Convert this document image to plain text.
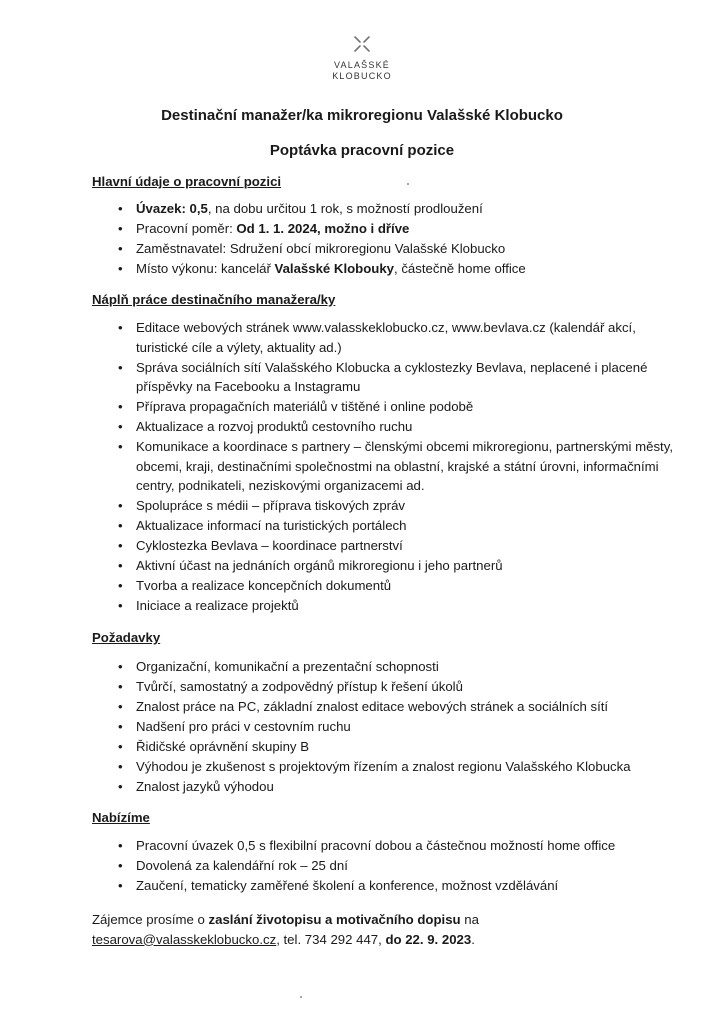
VALAŠSKÉ
KLOBUCKO
Destinační manažer/ka mikroregionu Valašské Klobucko
Poptávka pracovní pozice

Hlavní údaje o pracovní pozici

• Úvazek: 0,5, na dobu určitou 1 rok, s možností prodloužení
• Pracovní poměr: Od 1. 1. 2024, možno i dříve
• Zaměstnavatel: Sdružení obcí mikroregionu Valašské Klobucko
• Místo výkonu: kancelář Valašské Klobouky, částečně home office

Náplň práce destinačního manažera/ky

• Editace webových stránek www.valasskeklobucko.cz, www.bevlava.cz (kalendář akcí, turistické cíle a výlety, aktuality ad.)
• Správa sociálních sítí Valašského Klobucka a cyklostezky Bevlava, neplacené i placené příspěvky na Facebooku a Instagramu
• Příprava propagačních materiálů v tištěné i online podobě
• Aktualizace a rozvoj produktů cestovního ruchu
• Komunikace a koordinace s partnery – členskými obcemi mikroregionu, partnerskými městy, obcemi, kraji, destinačními společnostmi na oblastní, krajské a státní úrovni, informačními centry, podnikateli, neziskovými organizacemi ad.
• Spolupráce s médii – příprava tiskových zpráv
• Aktualizace informací na turistických portálech
• Cyklostezka Bevlava – koordinace partnerství
• Aktivní účast na jednáních orgánů mikroregionu i jeho partnerů
• Tvorba a realizace koncepčních dokumentů
• Iniciace a realizace projektů

Požadavky

• Organizační, komunikační a prezentační schopnosti
• Tvůrčí, samostatný a zodpovědný přístup k řešení úkolů
• Znalost práce na PC, základní znalost editace webových stránek a sociálních sítí
• Nadšení pro práci v cestovním ruchu
• Řidičské oprávnění skupiny B
• Výhodou je zkušenost s projektovým řízením a znalost regionu Valašského Klobucka
• Znalost jazyků výhodou

Nabízíme

• Pracovní úvazek 0,5 s flexibilní pracovní dobou a částečnou možností home office
• Dovolená za kalendářní rok – 25 dní
• Zaučení, tematicky zaměřené školení a konference, možnost vzdělávání

Zájemce prosíme o zaslání životopisu a motivačního dopisu na
tesarova@valasskeklobucko.cz, tel. 734 292 447, do 22. 9. 2023.
